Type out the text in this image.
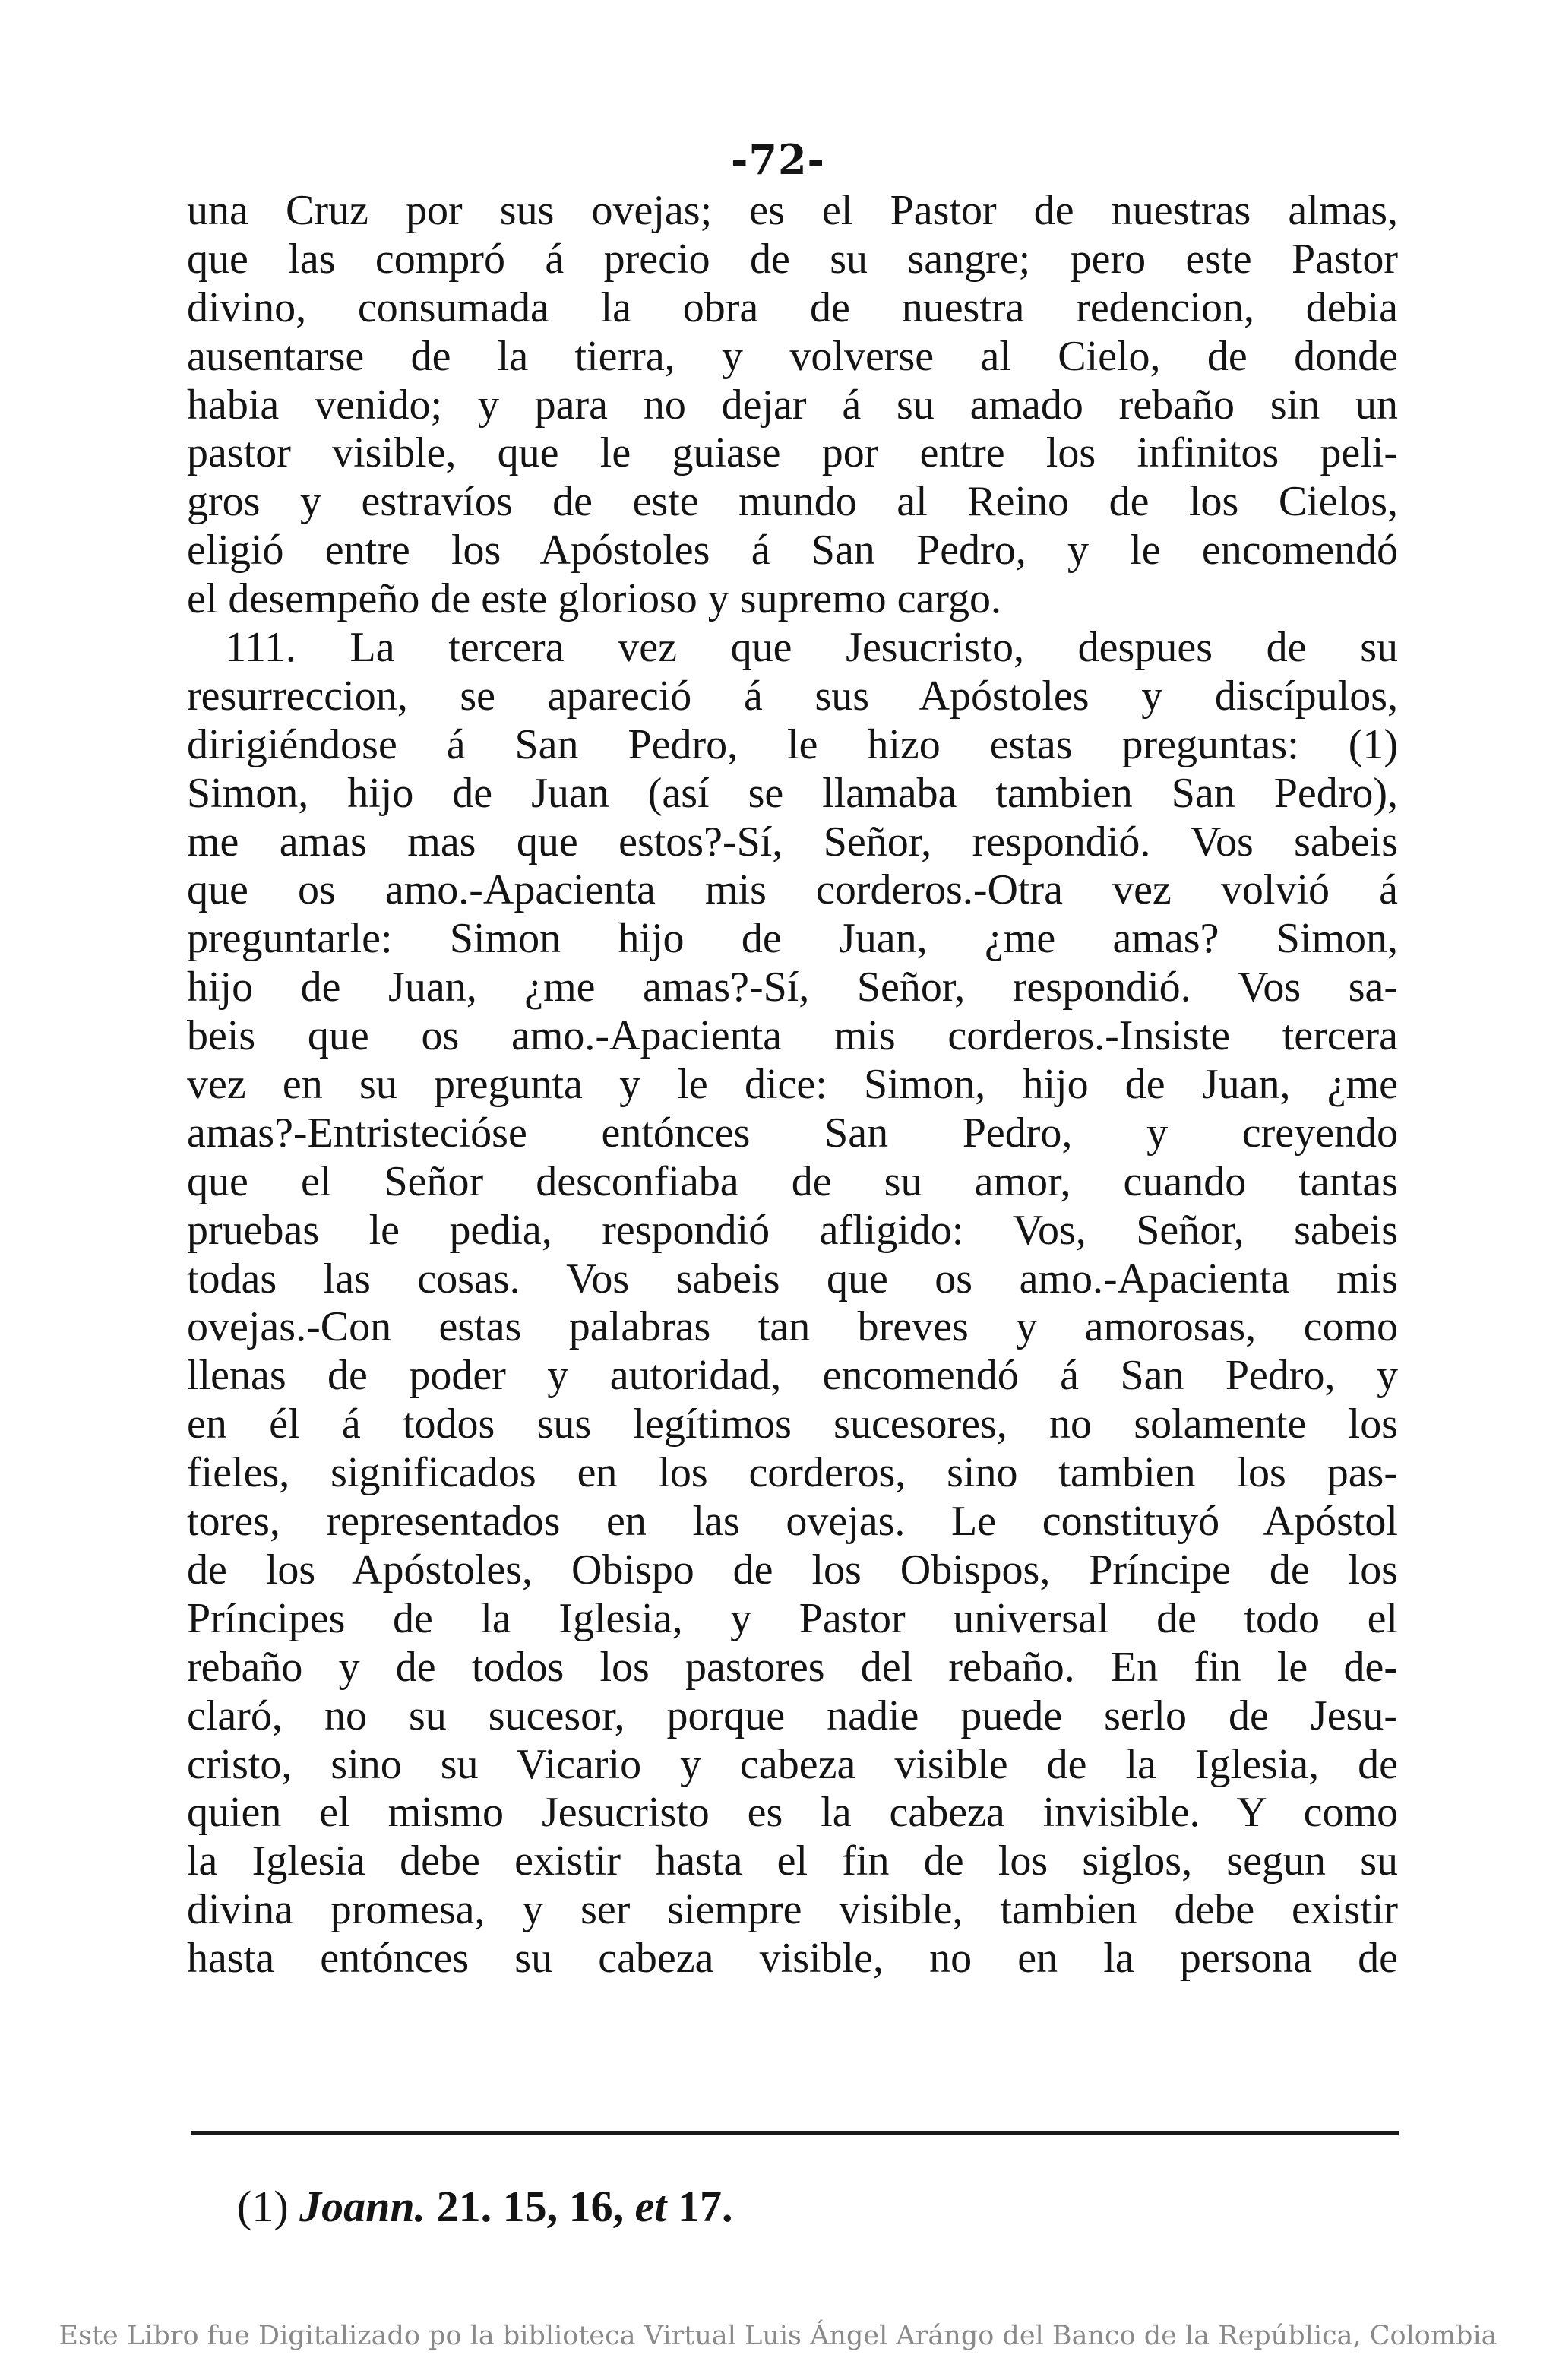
-72-
una Cruz por sus ovejas; es el Pastor de nuestras almas,
que las compró á precio de su sangre; pero este Pastor
divino, consumada la obra de nuestra redencion, debia
ausentarse de la tierra, y volverse al Cielo, de donde
habia venido; y para no dejar á su amado rebaño sin un
pastor visible, que le guiase por entre los infinitos peli-
gros y estravíos de este mundo al Reino de los Cielos,
eligió entre los Apóstoles á San Pedro, y le encomendó
el desempeño de este glorioso y supremo cargo.
111. La tercera vez que Jesucristo, despues de su
resurreccion, se apareció á sus Apóstoles y discípulos,
dirigiéndose á San Pedro, le hizo estas preguntas: (1)
Simon, hijo de Juan (así se llamaba tambien San Pedro),
me amas mas que estos?-Sí, Señor, respondió. Vos sabeis
que os amo.-Apacienta mis corderos.-Otra vez volvió á
preguntarle: Simon hijo de Juan, ¿me amas? Simon,
hijo de Juan, ¿me amas?-Sí, Señor, respondió. Vos sa-
beis que os amo.-Apacienta mis corderos.-Insiste tercera
vez en su pregunta y le dice: Simon, hijo de Juan, ¿me
amas?-Entristecióse entónces San Pedro, y creyendo
que el Señor desconfiaba de su amor, cuando tantas
pruebas le pedia, respondió afligido: Vos, Señor, sabeis
todas las cosas. Vos sabeis que os amo.-Apacienta mis
ovejas.-Con estas palabras tan breves y amorosas, como
llenas de poder y autoridad, encomendó á San Pedro, y
en él á todos sus legítimos sucesores, no solamente los
fieles, significados en los corderos, sino tambien los pas-
tores, representados en las ovejas. Le constituyó Apóstol
de los Apóstoles, Obispo de los Obispos, Príncipe de los
Príncipes de la Iglesia, y Pastor universal de todo el
rebaño y de todos los pastores del rebaño. En fin le de-
claró, no su sucesor, porque nadie puede serlo de Jesu-
cristo, sino su Vicario y cabeza visible de la Iglesia, de
quien el mismo Jesucristo es la cabeza invisible. Y como
la Iglesia debe existir hasta el fin de los siglos, segun su
divina promesa, y ser siempre visible, tambien debe existir
hasta entónces su cabeza visible, no en la persona de
(1) Joann. 21. 15, 16, et 17.
Este Libro fue Digitalizado po la biblioteca Virtual Luis Ángel Arángo del Banco de la República, Colombia
